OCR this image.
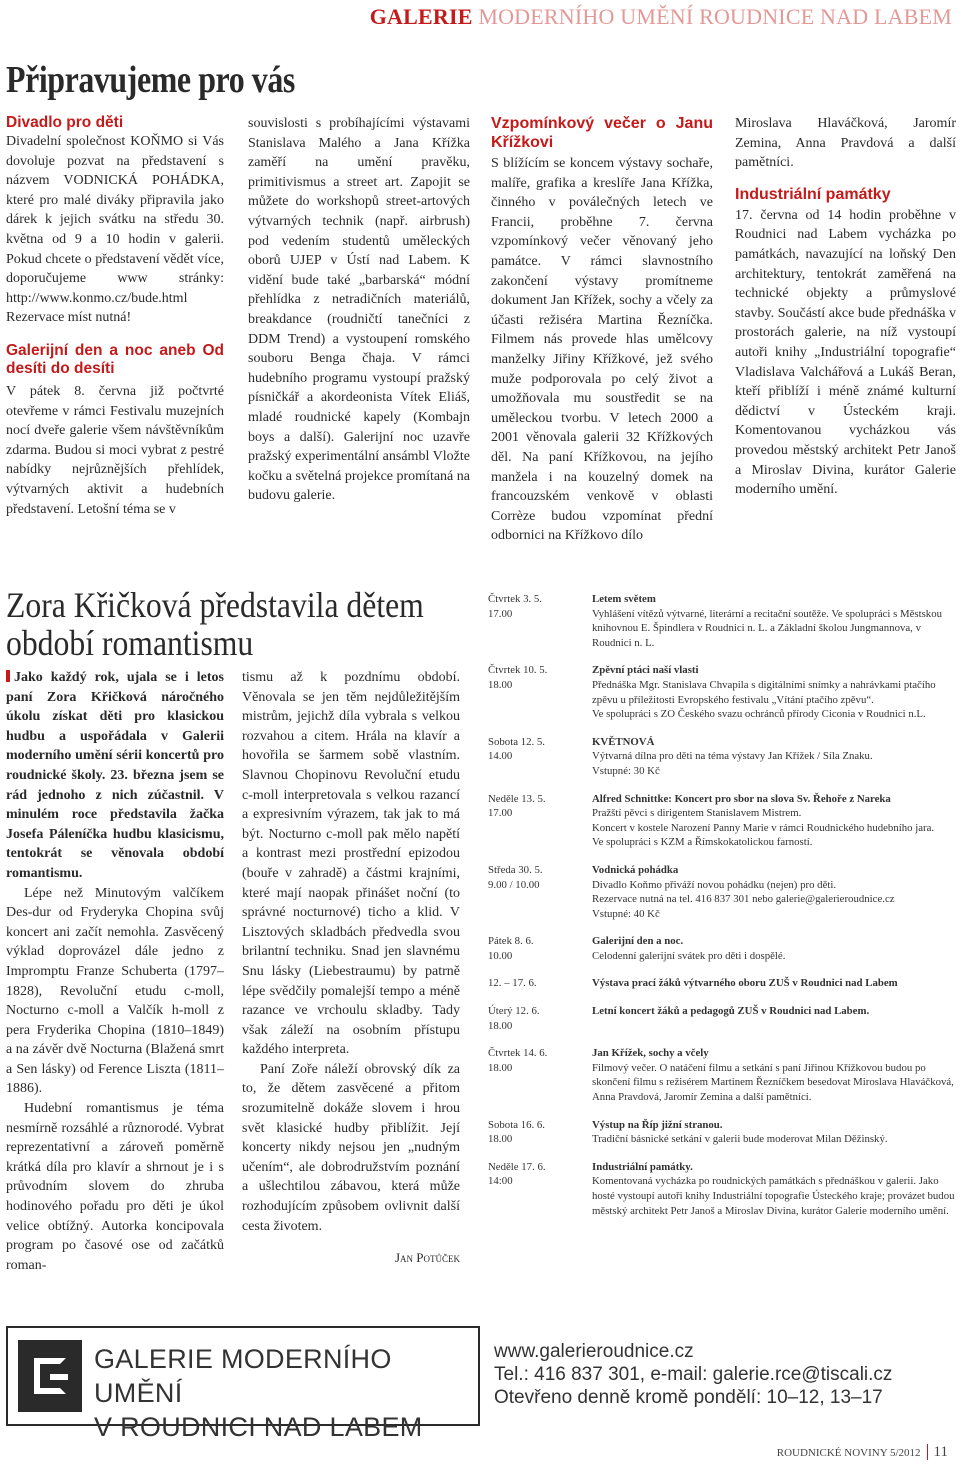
GALERIE MODERNÍHO UMĚNÍ ROUDNICE NAD LABEM
Připravujeme pro vás
Divadlo pro děti

Divadelní společnost KOŇMO si Vás dovoluje pozvat na představení s názvem VODNICKÁ POHÁDKA, které pro malé diváky připravila jako dárek k jejich svátku na středu 30. května od 9 a 10 hodin v galerii. Pokud chcete o představení vědět více, doporučujeme www stránky: http://www.konmo.cz/bude.html Rezervace míst nutná!

Galerijní den a noc aneb Od desíti do desíti

V pátek 8. června již počtvrté otevřeme v rámci Festivalu muzejních nocí dveře galerie všem návštěvníkům zdarma. Budou si moci vybrat z pestré nabídky nejrůznějších přehlídek, výtvarných aktivit a hudebních představení. Letošní téma se v

souvislosti s probíhajícími výstavami Stanislava Malého a Jana Křížka zaměří na umění pravěku, primitivismus a street art. Zapojit se můžete do workshopů street-artových výtvarných technik (např. airbrush) pod vedením studentů uměleckých oborů UJEP v Ústí nad Labem. K vidění bude také „barbarská“ módní přehlídka z netradičních materiálů, breakdance (roudničtí tanečníci z DDM Trend) a vystoupení romského souboru Benga čhaja. V rámci hudebního programu vystoupí pražský písničkář a akordeonista Vítek Eliáš, mladé roudnické kapely (Kombajn boys a další). Galerijní noc uzavře pražský experimentální ansámbl Vložte kočku a světelná projekce promítaná na budovu galerie.

Vzpomínkový večer o Janu Křížkovi

S blížícím se koncem výstavy sochaře, malíře, grafika a kreslíře Jana Křížka, činného v poválečných letech ve Francii, proběhne 7. června vzpomínkový večer věnovaný jeho památce. V rámci slavnostního zakončení výstavy promítneme dokument Jan Křížek, sochy a včely za účasti režiséra Martina Řezníčka. Filmem nás provede hlas umělcovy manželky Jiřiny Křížkové, jež svého muže podporovala po celý život a umožňovala mu soustředit se na uměleckou tvorbu. V letech 2000 a 2001 věnovala galerii 32 Křížkových děl. Na paní Křížkovou, na jejího manžela i na kouzelný domek na francouzském venkově v oblasti Corrèze budou vzpomínat přední odbornici na Křížkovo dílo

Miroslava Hlaváčková, Jaromír Zemina, Anna Pravdová a další pamětníci.

Industriální památky

17. června od 14 hodin proběhne v Roudnici nad Labem vycházka po památkách, navazující na loňský Den architektury, tentokrát zaměřená na technické objekty a průmyslové stavby. Součástí akce bude přednáška v prostorách galerie, na níž vystoupí autoři knihy „Industriální topografie“ Vladislava Valchářová a Lukáš Beran, kteří přiblíží i méně známé kulturní dědictví v Ústeckém kraji. Komentovanou vycházkou vás provedou městský architekt Petr Janoš a Miroslav Divina, kurátor Galerie moderního umění.

Zora Křičková představila dětem období romantismu

Jako každý rok, ujala se i letos paní Zora Křičková náročného úkolu získat děti pro klasickou hudbu a uspořádala v Galerii moderního umění sérii koncertů pro roudnické školy. 23. března jsem se rád jednoho z nich zúčastnil. V minulém roce představila žačka Josefa Páleníčka hudbu klasicismu, tentokrát se věnovala období romantismu.

Lépe než Minutovým valčíkem Des-dur od Fryderyka Chopina svůj koncert ani začít nemohla. Zasvěcený výklad doprovázel dále jedno z Impromptu Franze Schuberta (1797–1828), Revoluční etudu c-moll, Nocturno c-moll a Valčík h-moll z pera Fryderika Chopina (1810–1849) a na závěr dvě Nocturna (Blažená smrt a Sen lásky) od Ference Liszta (1811–1886).

Hudební romantismus je téma nesmírně rozsáhlé a různorodé. Vybrat reprezentativní a zároveň poměrně krátká díla pro klavír a shrnout je i s průvodním slovem do zhruba hodinového pořadu pro děti je úkol velice obtížný. Autorka koncipovala program po časové ose od začátků roman-

tismu až k pozdnímu období. Věnovala se jen těm nejdůležitějším mistrům, jejichž díla vybrala s velkou rozvahou a citem. Hrála na klavír a hovořila se šarmem sobě vlastním. Slavnou Chopinovu Revoluční etudu c-moll interpretovala s velkou razancí a expresivním výrazem, tak jak to má být. Nocturno c-moll pak mělo napětí a kontrast mezi prostřední epizodou (bouře v zahradě) a částmi krajními, které mají naopak přinášet noční (to správné nocturnové) ticho a klid. V Lisztových skladbách předvedla svou brilantní techniku. Snad jen slavnému Snu lásky (Liebestraumu) by patrně lépe svědčily pomalejší tempo a méně razance ve vrchoulu skladby. Tady však záleží na osobním přístupu každého interpreta.

Paní Zoře náleží obrovský dík za to, že dětem zasvěcené a přitom srozumitelně dokáže slovem i hrou svět klasické hudby přiblížit. Její koncerty nikdy nejsou jen „nudným učením“, ale dobrodružstvím poznání a ušlechtilou zábavou, která může rozhodujícím způsobem ovlivnit další cesta životem.

Jan Potůček

Čtvrtek 3. 5.
17.00
Letem světem
Vyhlášení vítězů výtvarné, literární a recitační soutěže. Ve spolupráci s Městskou knihovnou E. Špindlera v Roudnici n. L. a Základní školou Jungmannova, v Roudnici n. L.
Čtvrtek 10. 5.
18.00
Zpěvní ptáci naší vlasti
Přednáška Mgr. Stanislava Chvapila s digitálními snímky a nahrávkami ptačího zpěvu u příležitosti Evropského festivalu „Vítání ptačího zpěvu“.
Ve spolupráci s ZO Českého svazu ochránců přírody Ciconia v Roudnici n.L.
Sobota 12. 5.
14.00
KVĚTNOVÁ
Výtvarná dílna pro děti na téma výstavy Jan Křížek / Síla Znaku.
Vstupné: 30 Kč
Neděle 13. 5.
17.00
Alfred Schnittke: Koncert pro sbor na slova Sv. Řehoře z Nareka
Pražští pěvci s dirigentem Stanislavem Mistrem.
Koncert v kostele Narození Panny Marie v rámci Roudnického hudebního jara.
Ve spolupráci s KZM a Římskokatolickou farností.
Středa 30. 5.
9.00 / 10.00
Vodnická pohádka
Divadlo Koňmo přiváží novou pohádku (nejen) pro děti.
Rezervace nutná na tel. 416 837 301 nebo galerie@galerieroudnice.cz
Vstupné: 40 Kč
Pátek 8. 6.
10.00
Galerijní den a noc.
Celodenní galerijní svátek pro děti i dospělé.
12. – 17. 6.	Výstava prací žáků výtvarného oboru ZUŠ v Roudnici nad Labem
Úterý 12. 6.
18.00
Letní koncert žáků a pedagogů ZUŠ v Roudnici nad Labem.
Čtvrtek 14. 6.
18.00
Jan Křížek, sochy a včely
Filmový večer. O natáčení filmu a setkání s paní Jiřinou Křížkovou budou po skončení filmu s režisérem Martinem Řezníčkem besedovat Miroslava Hlaváčková, Anna Pravdová, Jaromír Zemina a další pamětníci.
Sobota 16. 6.
18.00
Výstup na Říp jižní stranou.
Tradiční básnické setkání v galerii bude moderovat Milan Děžinský.
Neděle 17. 6.
14:00
Industriální památky.
Komentovaná vycházka po roudnických památkách s přednáškou v galerii. Jako hosté vystoupí autoři knihy Industriální topografie Ústeckého kraje; provázet budou městský architekt Petr Janoš a Miroslav Divina, kurátor Galerie moderního umění.
GALERIE MODERNÍHO UMĚNÍ
V ROUDNICI NAD LABEM
www.galerieroudnice.cz
Tel.: 416 837 301, e-mail: galerie.rce@tiscali.cz
Otevřeno denně kromě pondělí: 10–12, 13–17
ROUDNICKÉ NOVINY 5/2012 11
